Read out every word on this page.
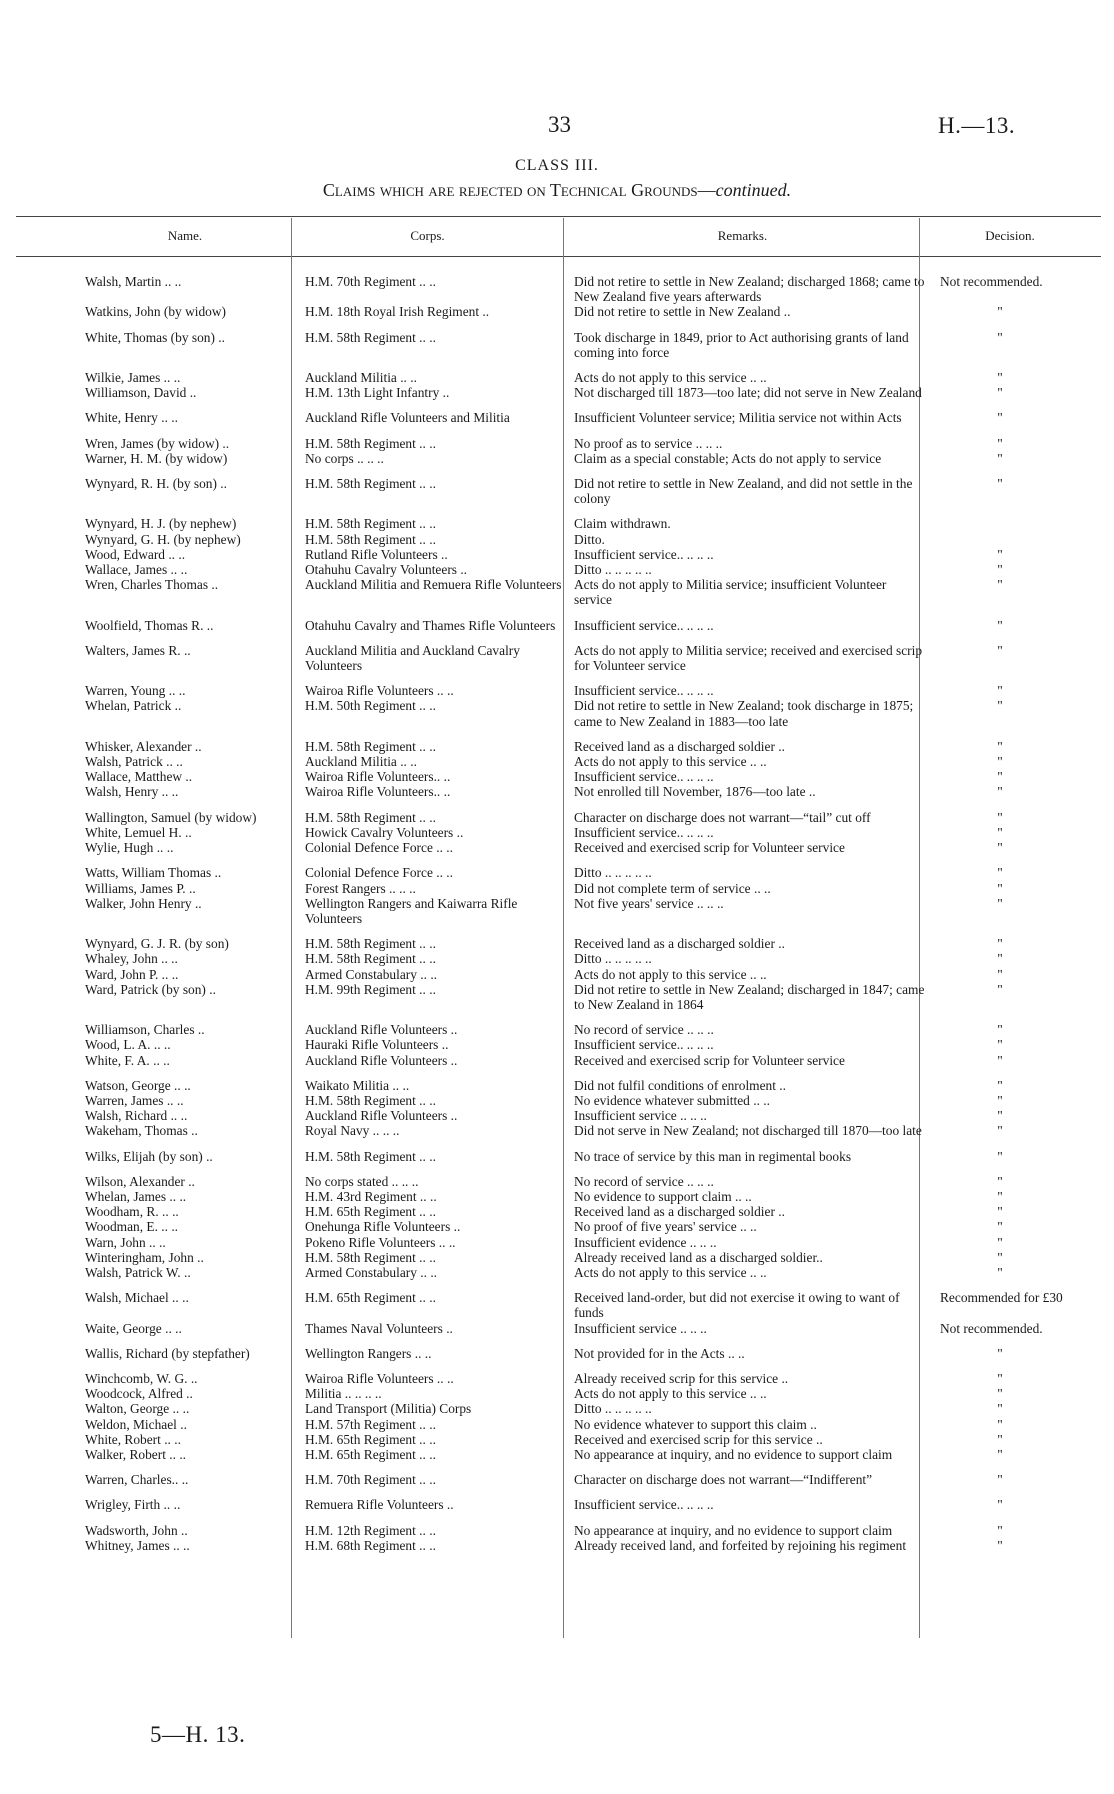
33	H.—13.
CLASS III.
Claims which are rejected on Technical Grounds—continued.
Name.	Corps.	Remarks.	Decision.
Walsh, Martin .. ..	H.M. 70th Regiment .. ..	Did not retire to settle in New Zealand; discharged 1868; came to New Zealand five years afterwards	Not recommended.
Watkins, John (by widow)	H.M. 18th Royal Irish Regiment ..	Did not retire to settle in New Zealand ..	"
White, Thomas (by son) ..	H.M. 58th Regiment .. ..	Took discharge in 1849, prior to Act authorising grants of land coming into force	"
Wilkie, James .. ..	Auckland Militia .. ..	Acts do not apply to this service .. ..	"
Williamson, David ..	H.M. 13th Light Infantry ..	Not discharged till 1873—too late; did not serve in New Zealand	"
White, Henry .. ..	Auckland Rifle Volunteers and Militia	Insufficient Volunteer service; Militia service not within Acts	"
Wren, James (by widow) ..	H.M. 58th Regiment .. ..	No proof as to service .. .. ..	"
Warner, H. M. (by widow)	No corps .. .. ..	Claim as a special constable; Acts do not apply to service	"
Wynyard, R. H. (by son) ..	H.M. 58th Regiment .. ..	Did not retire to settle in New Zealand, and did not settle in the colony	"
Wynyard, H. J. (by nephew)	H.M. 58th Regiment .. ..	Claim withdrawn.	
Wynyard, G. H. (by nephew)	H.M. 58th Regiment .. ..	Ditto.	
Wood, Edward .. ..	Rutland Rifle Volunteers ..	Insufficient service.. .. .. ..	"
Wallace, James .. ..	Otahuhu Cavalry Volunteers ..	Ditto .. .. .. .. ..	"
Wren, Charles Thomas ..	Auckland Militia and Remuera Rifle Volunteers	Acts do not apply to Militia service; insufficient Volunteer service	"
Woolfield, Thomas R. ..	Otahuhu Cavalry and Thames Rifle Volunteers	Insufficient service.. .. .. ..	"
Walters, James R. ..	Auckland Militia and Auckland Cavalry Volunteers	Acts do not apply to Militia service; received and exercised scrip for Volunteer service	"
Warren, Young .. ..	Wairoa Rifle Volunteers .. ..	Insufficient service.. .. .. ..	"
Whelan, Patrick ..	H.M. 50th Regiment .. ..	Did not retire to settle in New Zealand; took discharge in 1875; came to New Zealand in 1883—too late	"
Whisker, Alexander ..	H.M. 58th Regiment .. ..	Received land as a discharged soldier ..	"
Walsh, Patrick .. ..	Auckland Militia .. ..	Acts do not apply to this service .. ..	"
Wallace, Matthew ..	Wairoa Rifle Volunteers.. ..	Insufficient service.. .. .. ..	"
Walsh, Henry .. ..	Wairoa Rifle Volunteers.. ..	Not enrolled till November, 1876—too late ..	"
Wallington, Samuel (by widow)	H.M. 58th Regiment .. ..	Character on discharge does not warrant—“tail” cut off	"
White, Lemuel H. ..	Howick Cavalry Volunteers ..	Insufficient service.. .. .. ..	"
Wylie, Hugh .. ..	Colonial Defence Force .. ..	Received and exercised scrip for Volunteer service	"
Watts, William Thomas ..	Colonial Defence Force .. ..	Ditto .. .. .. .. ..	"
Williams, James P. ..	Forest Rangers .. .. ..	Did not complete term of service .. ..	"
Walker, John Henry ..	Wellington Rangers and Kaiwarra Rifle Volunteers	Not five years' service .. .. ..	"
Wynyard, G. J. R. (by son)	H.M. 58th Regiment .. ..	Received land as a discharged soldier ..	"
Whaley, John .. ..	H.M. 58th Regiment .. ..	Ditto .. .. .. .. ..	"
Ward, John P. .. ..	Armed Constabulary .. ..	Acts do not apply to this service .. ..	"
Ward, Patrick (by son) ..	H.M. 99th Regiment .. ..	Did not retire to settle in New Zealand; discharged in 1847; came to New Zealand in 1864	"
Williamson, Charles ..	Auckland Rifle Volunteers ..	No record of service .. .. ..	"
Wood, L. A. .. ..	Hauraki Rifle Volunteers ..	Insufficient service.. .. .. ..	"
White, F. A. .. ..	Auckland Rifle Volunteers ..	Received and exercised scrip for Volunteer service	"
Watson, George .. ..	Waikato Militia .. ..	Did not fulfil conditions of enrolment ..	"
Warren, James .. ..	H.M. 58th Regiment .. ..	No evidence whatever submitted .. ..	"
Walsh, Richard .. ..	Auckland Rifle Volunteers ..	Insufficient service .. .. ..	"
Wakeham, Thomas ..	Royal Navy .. .. ..	Did not serve in New Zealand; not discharged till 1870—too late	"
Wilks, Elijah (by son) ..	H.M. 58th Regiment .. ..	No trace of service by this man in regimental books	"
Wilson, Alexander ..	No corps stated .. .. ..	No record of service .. .. ..	"
Whelan, James .. ..	H.M. 43rd Regiment .. ..	No evidence to support claim .. ..	"
Woodham, R. .. ..	H.M. 65th Regiment .. ..	Received land as a discharged soldier ..	"
Woodman, E. .. ..	Onehunga Rifle Volunteers ..	No proof of five years' service .. ..	"
Warn, John .. ..	Pokeno Rifle Volunteers .. ..	Insufficient evidence .. .. ..	"
Winteringham, John ..	H.M. 58th Regiment .. ..	Already received land as a discharged soldier..	"
Walsh, Patrick W. ..	Armed Constabulary .. ..	Acts do not apply to this service .. ..	"
Walsh, Michael .. ..	H.M. 65th Regiment .. ..	Received land-order, but did not exercise it owing to want of funds	Recommended for £30
Waite, George .. ..	Thames Naval Volunteers ..	Insufficient service .. .. ..	Not recommended.
Wallis, Richard (by stepfather)	Wellington Rangers .. ..	Not provided for in the Acts .. ..	"
Winchcomb, W. G. ..	Wairoa Rifle Volunteers .. ..	Already received scrip for this service ..	"
Woodcock, Alfred ..	Militia .. .. .. ..	Acts do not apply to this service .. ..	"
Walton, George .. ..	Land Transport (Militia) Corps	Ditto .. .. .. .. ..	"
Weldon, Michael ..	H.M. 57th Regiment .. ..	No evidence whatever to support this claim ..	"
White, Robert .. ..	H.M. 65th Regiment .. ..	Received and exercised scrip for this service ..	"
Walker, Robert .. ..	H.M. 65th Regiment .. ..	No appearance at inquiry, and no evidence to support claim	"
Warren, Charles.. ..	H.M. 70th Regiment .. ..	Character on discharge does not warrant—“Indifferent”	"
Wrigley, Firth .. ..	Remuera Rifle Volunteers ..	Insufficient service.. .. .. ..	"
Wadsworth, John ..	H.M. 12th Regiment .. ..	No appearance at inquiry, and no evidence to support claim	"
Whitney, James .. ..	H.M. 68th Regiment .. ..	Already received land, and forfeited by rejoining his regiment	"
5—H. 13.
